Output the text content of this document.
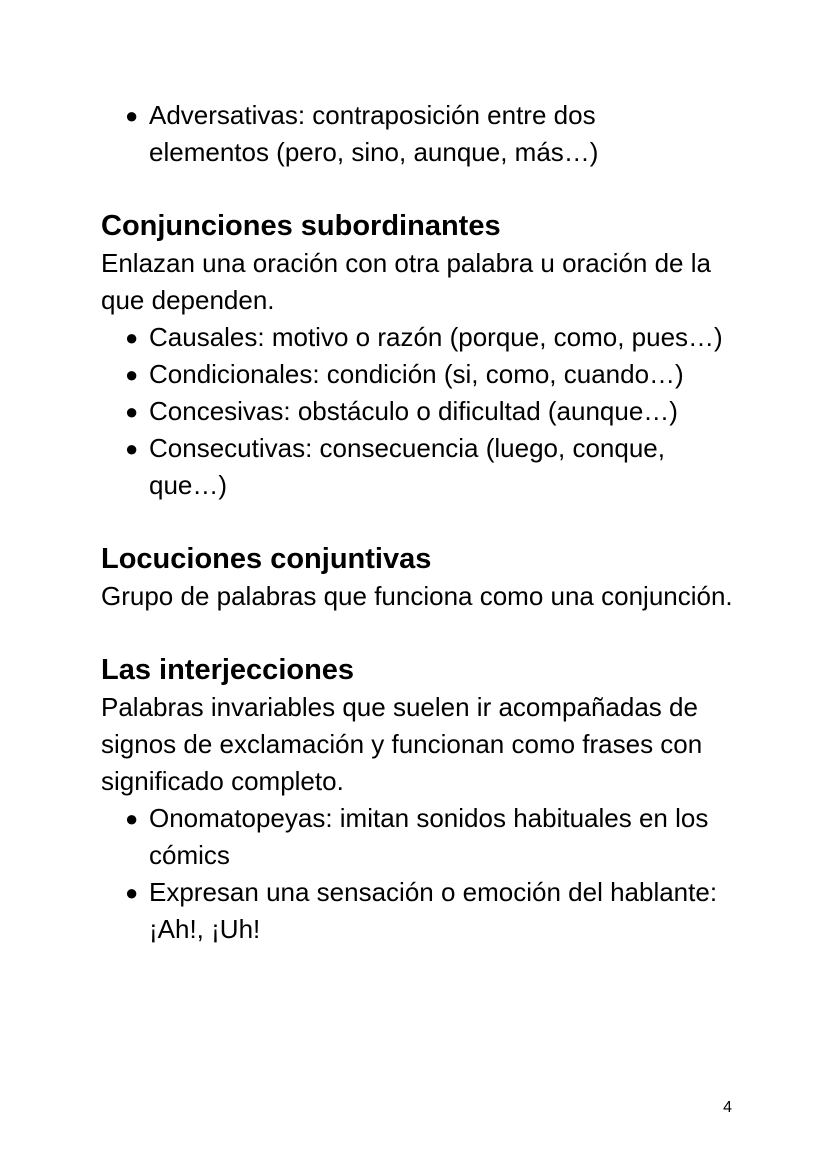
● Adversativas: contraposición entre dos elementos (pero, sino, aunque, más…)
Conjunciones subordinantes

Enlazan una oración con otra palabra u oración de la que dependen.

● Causales: motivo o razón (porque, como, pues…)
● Condicionales: condición (si, como, cuando…)
● Concesivas: obstáculo o dificultad (aunque…)
● Consecutivas: consecuencia (luego, conque, que…)
Locuciones conjuntivas

Grupo de palabras que funciona como una conjunción.

Las interjecciones

Palabras invariables que suelen ir acompañadas de signos de exclamación y funcionan como frases con significado completo.

● Onomatopeyas: imitan sonidos habituales en los cómics
● Expresan una sensación o emoción del hablante: ¡Ah!, ¡Uh!
4
